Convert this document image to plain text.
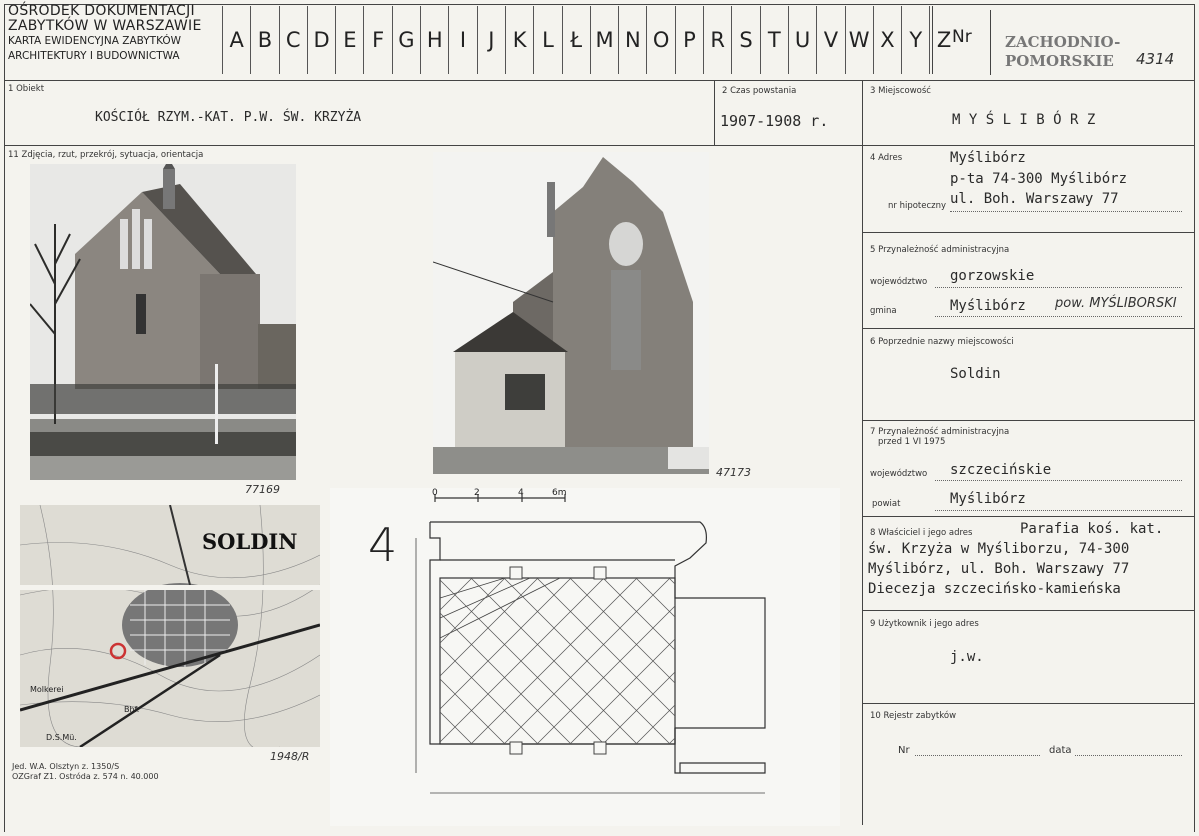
OŚRODEK DOKUMENTACJI
ZABYTKÓW W WARSZAWIE
KARTA EWIDENCYJNA ZABYTKÓW
ARCHITEKTURY I BUDOWNICTWA
A B C D E F G H I	J K L Ł M N O P R S T U V W X Y Z Nr ZACHODNIO-
POMORSKIE	4314
1 Obiekt
KOŚCIÓŁ RZYM.-KAT. P.W. ŚW. KRZYŻA
2 Czas powstania
1907-1908 r.
3 Miejscowość
M Y Ś L I B Ó R Z
11 Zdjęcia, rzut, przekrój, sytuacja, orientacja
77169
47173
SOLDIN
Molkerei
Bhf.
D.S.Mü.
1948/R
Jed. W.A. Olsztyn z. 1350/S
OZGraf Z1. Ostróda z. 574 n. 40.000
4
0	2	4	6m
4 Adres	Myślibórz
p-ta 74-300 Myślibórz
ul. Boh. Warszawy 77
nr hipoteczny
5 Przynależność administracyjna
województwo gorzowskie
gmina	Myślibórz pow. MYŚLIBORSKI
6 Poprzednie nazwy miejscowości
Soldin
7 Przynależność administracyjna
przed 1 VI 1975
województwo szczecińskie
powiat	Myślibórz
8 Właściciel i jego adres	Parafia koś. kat.
św. Krzyża w Myśliborzu, 74-300
Myślibórz, ul. Boh. Warszawy 77
Diecezja szczecińsko-kamieńska
9 Użytkownik i jego adres
j.w.
10 Rejestr zabytków
Nr	data
